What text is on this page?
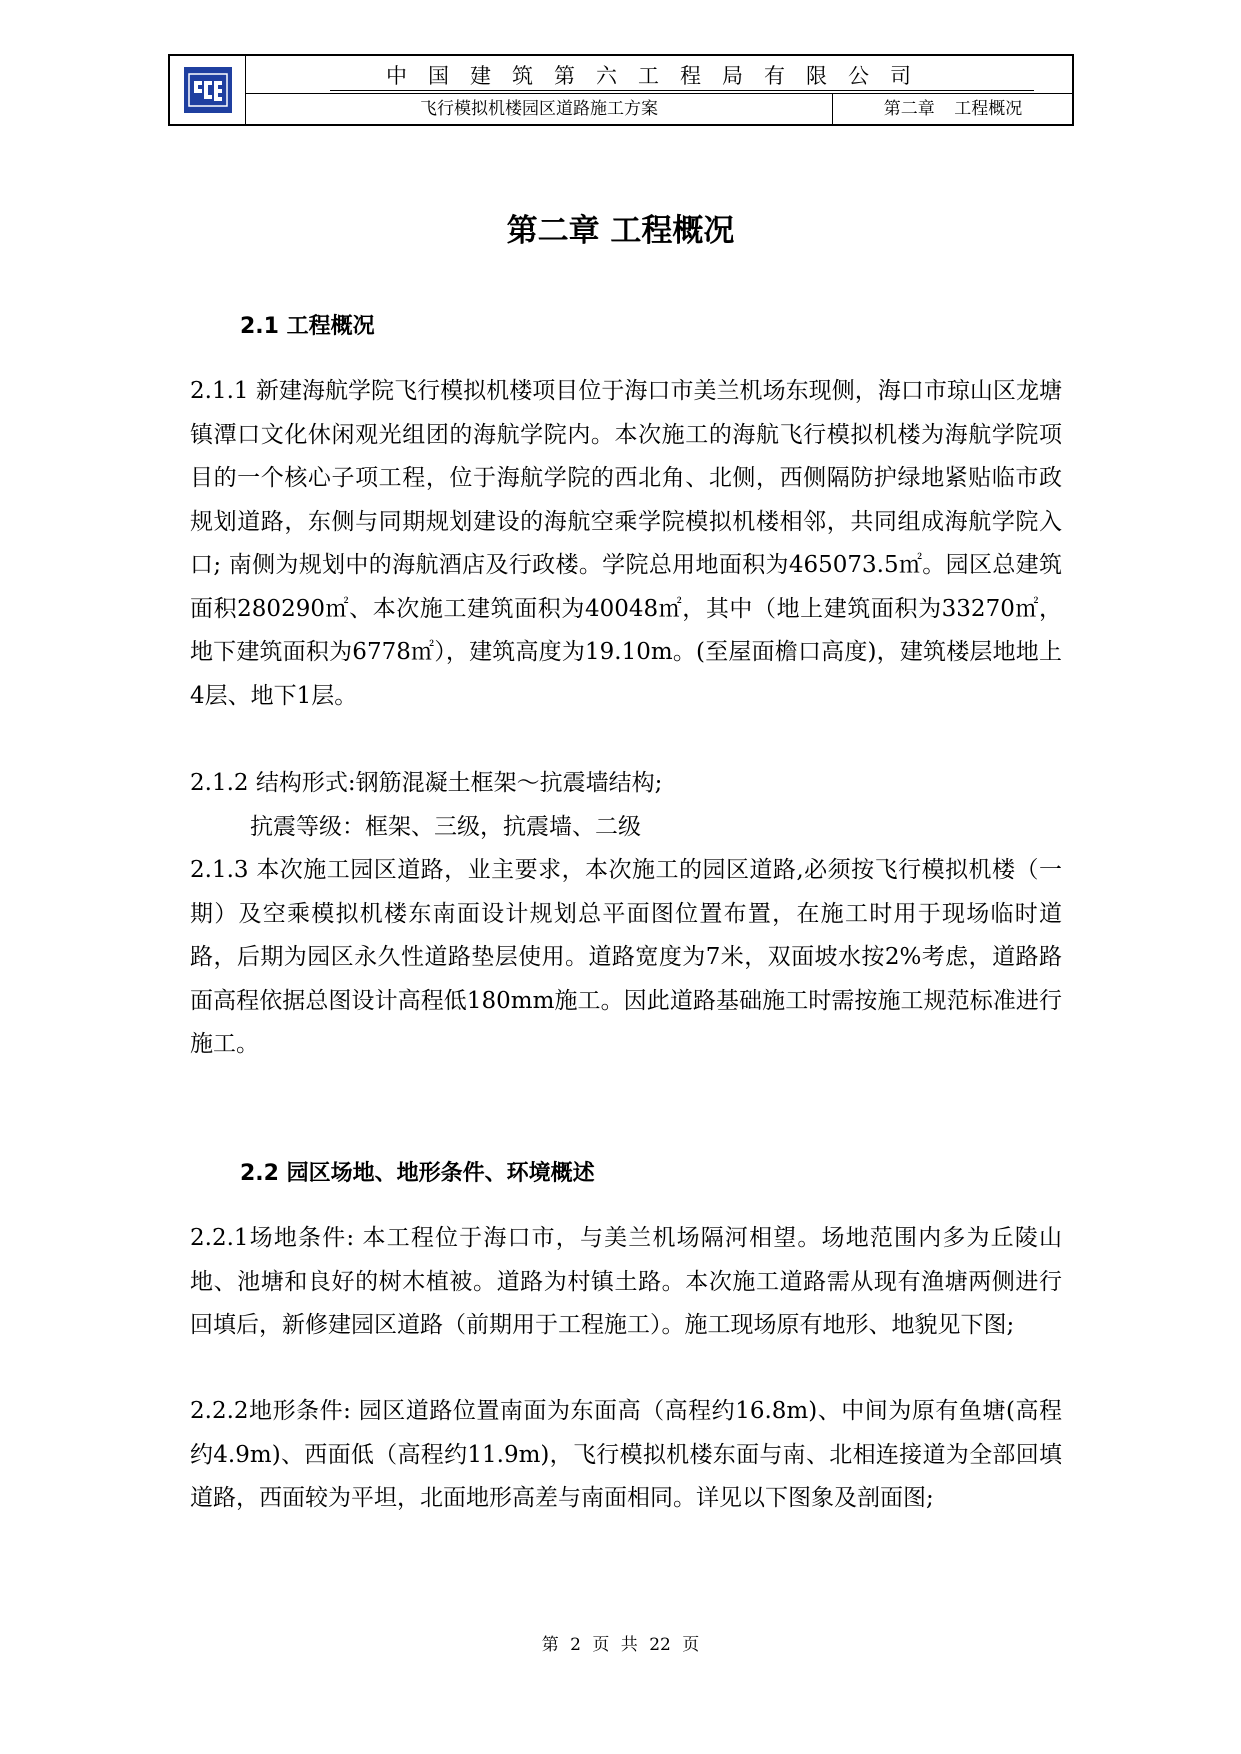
中国建筑第六工程局有限公司
飞行模拟机楼园区道路施工方案	第二章 工程概况
第二章 工程概况
2.1 工程概况

2.1.1 新建海航学院飞行模拟机楼项目位于海口市美兰机场东现侧，海口市琼山区龙塘镇潭口文化休闲观光组团的海航学院内。本次施工的海航飞行模拟机楼为海航学院项目的一个核心子项工程，位于海航学院的西北角、北侧，西侧隔防护绿地紧贴临市政规划道路，东侧与同期规划建设的海航空乘学院模拟机楼相邻，共同组成海航学院入口; 南侧为规划中的海航酒店及行政楼。学院总用地面积为465073.5㎡。园区总建筑面积280290㎡、本次施工建筑面积为40048㎡，其中（地上建筑面积为33270㎡，地下建筑面积为6778㎡），建筑高度为19.10m。(至屋面檐口高度)，建筑楼层地地上4层、地下1层。

2.1.2 结构形式:钢筋混凝土框架～抗震墙结构;

抗震等级：框架、三级，抗震墙、二级

2.1.3 本次施工园区道路，业主要求，本次施工的园区道路,必须按飞行模拟机楼（一期）及空乘模拟机楼东南面设计规划总平面图位置布置，在施工时用于现场临时道路，后期为园区永久性道路垫层使用。道路宽度为7米，双面坡水按2%考虑，道路路面高程依据总图设计高程低180mm施工。因此道路基础施工时需按施工规范标准进行施工。

2.2 园区场地、地形条件、环境概述

2.2.1场地条件: 本工程位于海口市，与美兰机场隔河相望。场地范围内多为丘陵山地、池塘和良好的树木植被。道路为村镇土路。本次施工道路需从现有渔塘两侧进行回填后，新修建园区道路（前期用于工程施工）。施工现场原有地形、地貌见下图;

2.2.2地形条件: 园区道路位置南面为东面高（高程约16.8m)、中间为原有鱼塘(高程约4.9m)、西面低（高程约11.9m)，飞行模拟机楼东面与南、北相连接道为全部回填道路，西面较为平坦，北面地形高差与南面相同。详见以下图象及剖面图;

第 2 页 共 22 页
